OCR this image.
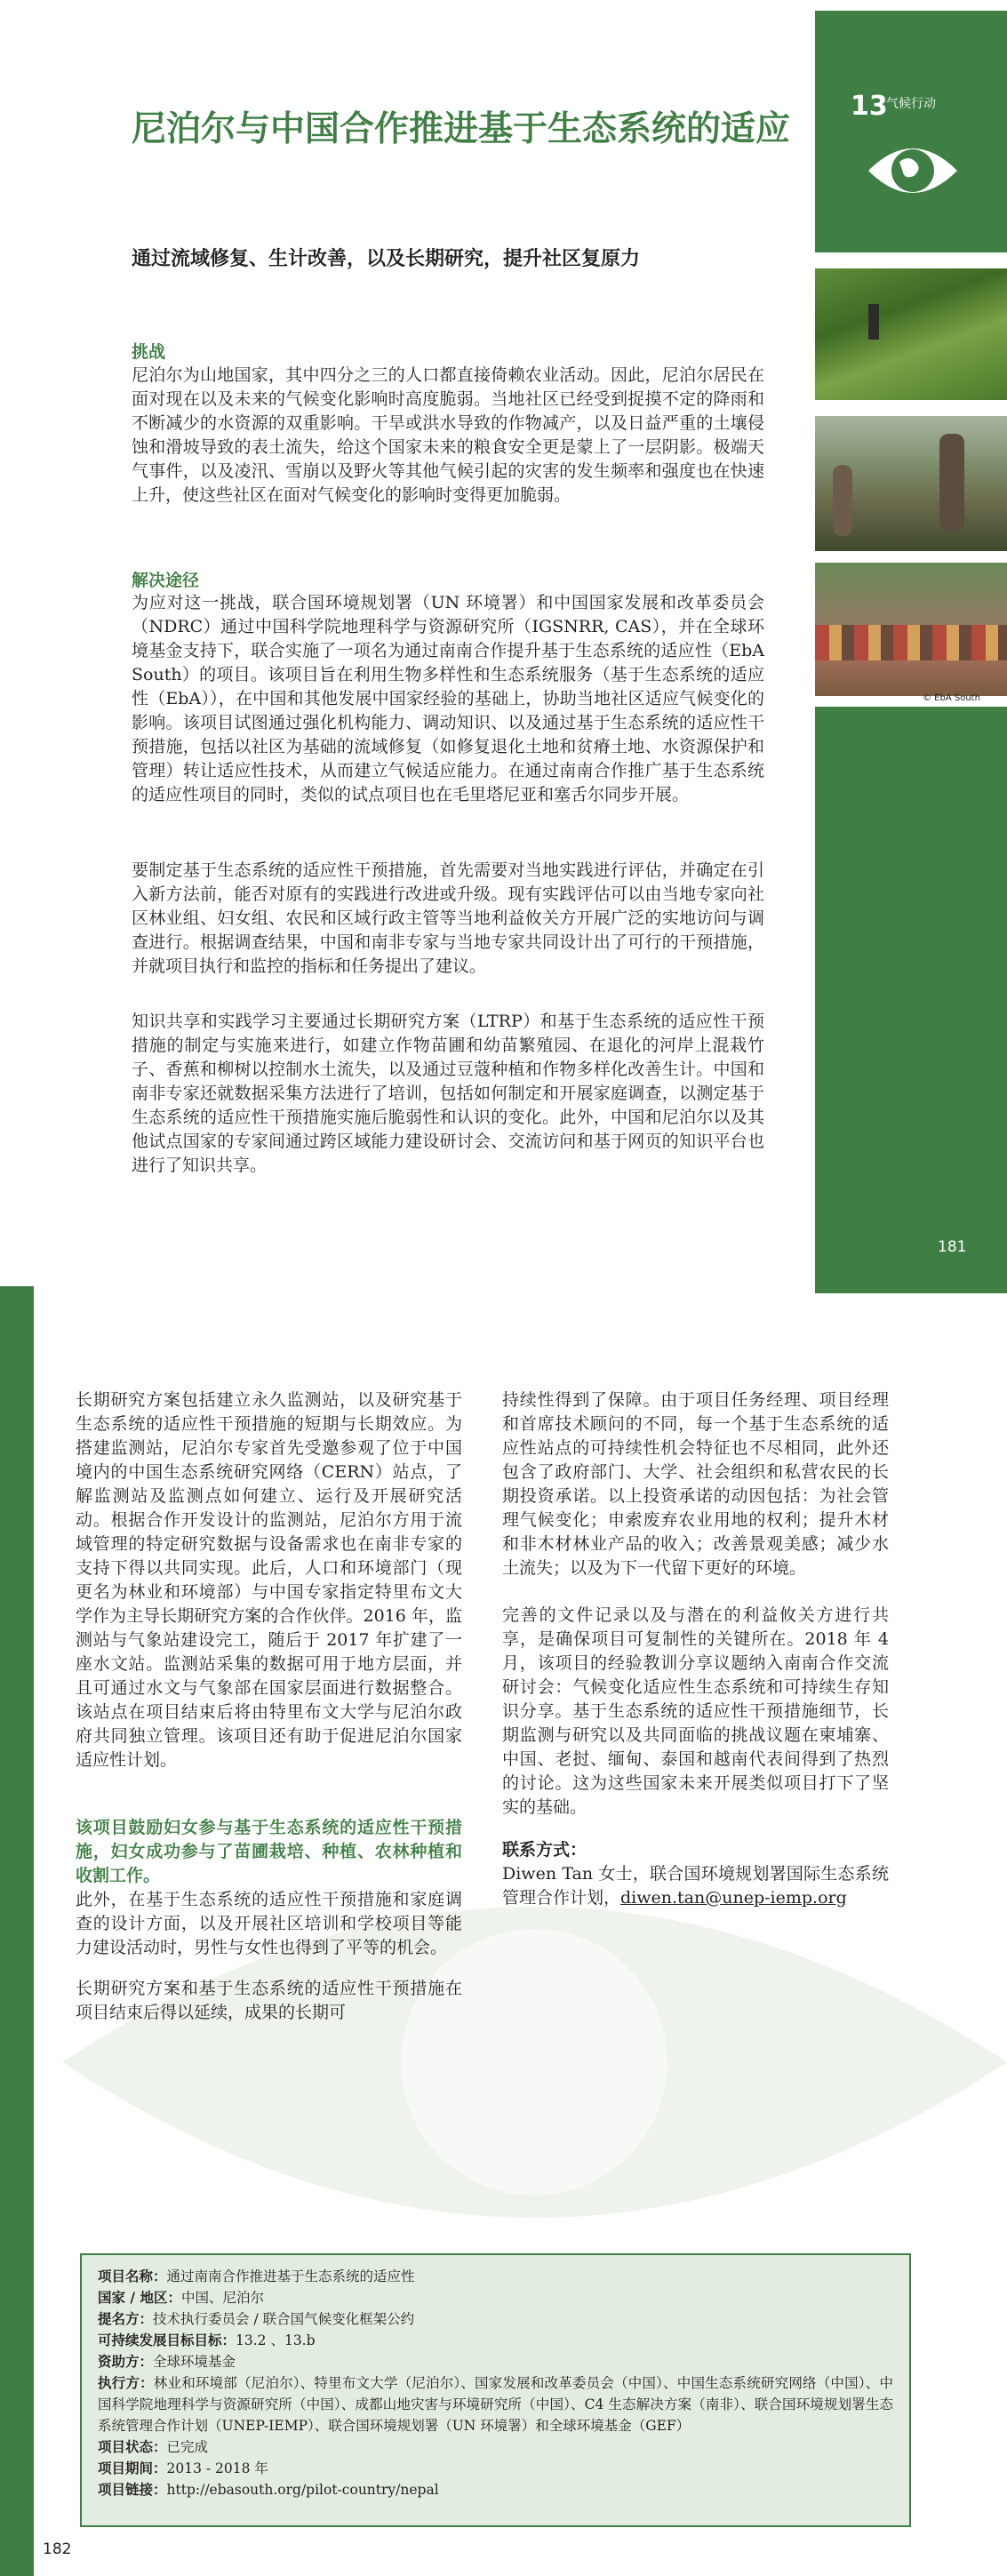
13
气候行动
© EbA South
尼泊尔与中国合作推进基于生态系统的适应
通过流域修复、生计改善，以及长期研究，提升社区复原力
挑战

尼泊尔为山地国家，其中四分之三的人口都直接倚赖农业活动。因此，尼泊尔居民在面对现在以及未来的气候变化影响时高度脆弱。当地社区已经受到捉摸不定的降雨和不断减少的水资源的双重影响。干旱或洪水导致的作物减产，以及日益严重的土壤侵蚀和滑坡导致的表土流失，给这个国家未来的粮食安全更是蒙上了一层阴影。极端天气事件，以及凌汛、雪崩以及野火等其他气候引起的灾害的发生频率和强度也在快速上升，使这些社区在面对气候变化的影响时变得更加脆弱。

解决途径

为应对这一挑战，联合国环境规划署（UN 环境署）和中国国家发展和改革委员会（NDRC）通过中国科学院地理科学与资源研究所（IGSNRR, CAS），并在全球环境基金支持下，联合实施了一项名为通过南南合作提升基于生态系统的适应性（EbA South）的项目。该项目旨在利用生物多样性和生态系统服务（基于生态系统的适应性（EbA）），在中国和其他发展中国家经验的基础上，协助当地社区适应气候变化的影响。该项目试图通过强化机构能力、调动知识、以及通过基于生态系统的适应性干预措施，包括以社区为基础的流域修复（如修复退化土地和贫瘠土地、水资源保护和管理）转让适应性技术，从而建立气候适应能力。在通过南南合作推广基于生态系统的适应性项目的同时，类似的试点项目也在毛里塔尼亚和塞舌尔同步开展。

要制定基于生态系统的适应性干预措施，首先需要对当地实践进行评估，并确定在引入新方法前，能否对原有的实践进行改进或升级。现有实践评估可以由当地专家向社区林业组、妇女组、农民和区域行政主管等当地利益攸关方开展广泛的实地访问与调查进行。根据调查结果，中国和南非专家与当地专家共同设计出了可行的干预措施，并就项目执行和监控的指标和任务提出了建议。

知识共享和实践学习主要通过长期研究方案（LTRP）和基于生态系统的适应性干预措施的制定与实施来进行，如建立作物苗圃和幼苗繁殖园、在退化的河岸上混栽竹子、香蕉和柳树以控制水土流失，以及通过豆蔻种植和作物多样化改善生计。中国和南非专家还就数据采集方法进行了培训，包括如何制定和开展家庭调查，以测定基于生态系统的适应性干预措施实施后脆弱性和认识的变化。此外，中国和尼泊尔以及其他试点国家的专家间通过跨区域能力建设研讨会、交流访问和基于网页的知识平台也进行了知识共享。

181

长期研究方案包括建立永久监测站，以及研究基于生态系统的适应性干预措施的短期与长期效应。为搭建监测站，尼泊尔专家首先受邀参观了位于中国境内的中国生态系统研究网络（CERN）站点，了解监测站及监测点如何建立、运行及开展研究活动。根据合作开发设计的监测站，尼泊尔方用于流域管理的特定研究数据与设备需求也在南非专家的支持下得以共同实现。此后，人口和环境部门（现更名为林业和环境部）与中国专家指定特里布文大学作为主导长期研究方案的合作伙伴。2016 年，监测站与气象站建设完工，随后于 2017 年扩建了一座水文站。监测站采集的数据可用于地方层面，并且可通过水文与气象部在国家层面进行数据整合。该站点在项目结束后将由特里布文大学与尼泊尔政府共同独立管理。该项目还有助于促进尼泊尔国家适应性计划。

该项目鼓励妇女参与基于生态系统的适应性干预措施，妇女成功参与了苗圃栽培、种植、农林种植和收割工作。

此外，在基于生态系统的适应性干预措施和家庭调查的设计方面，以及开展社区培训和学校项目等能力建设活动时，男性与女性也得到了平等的机会。

长期研究方案和基于生态系统的适应性干预措施在项目结束后得以延续，成果的长期可

持续性得到了保障。由于项目任务经理、项目经理和首席技术顾问的不同，每一个基于生态系统的适应性站点的可持续性机会特征也不尽相同，此外还包含了政府部门、大学、社会组织和私营农民的长期投资承诺。以上投资承诺的动因包括：为社会管理气候变化；申索废弃农业用地的权利；提升木材和非木材林业产品的收入；改善景观美感；减少水土流失；以及为下一代留下更好的环境。

完善的文件记录以及与潜在的利益攸关方进行共享，是确保项目可复制性的关键所在。2018 年 4 月，该项目的经验教训分享议题纳入南南合作交流研讨会：气候变化适应性生态系统和可持续生存知识分享。基于生态系统的适应性干预措施细节，长期监测与研究以及共同面临的挑战议题在柬埔寨、中国、老挝、缅甸、泰国和越南代表间得到了热烈的讨论。这为这些国家未来开展类似项目打下了坚实的基础。

联系方式：

Diwen Tan 女士，联合国环境规划署国际生态系统管理合作计划，diwen.tan@unep-iemp.org

项目名称：通过南南合作推进基于生态系统的适应性

国家 / 地区：中国、尼泊尔

提名方：技术执行委员会 / 联合国气候变化框架公约

可持续发展目标目标：13.2 、13.b

资助方：全球环境基金

执行方：林业和环境部（尼泊尔）、特里布文大学（尼泊尔）、国家发展和改革委员会（中国）、中国生态系统研究网络（中国）、中国科学院地理科学与资源研究所（中国）、成都山地灾害与环境研究所（中国）、C4 生态解决方案（南非）、联合国环境规划署生态系统管理合作计划（UNEP-IEMP）、联合国环境规划署（UN 环境署）和全球环境基金（GEF）

项目状态：已完成

项目期间：2013 - 2018 年

项目链接：http://ebasouth.org/pilot-country/nepal

182
